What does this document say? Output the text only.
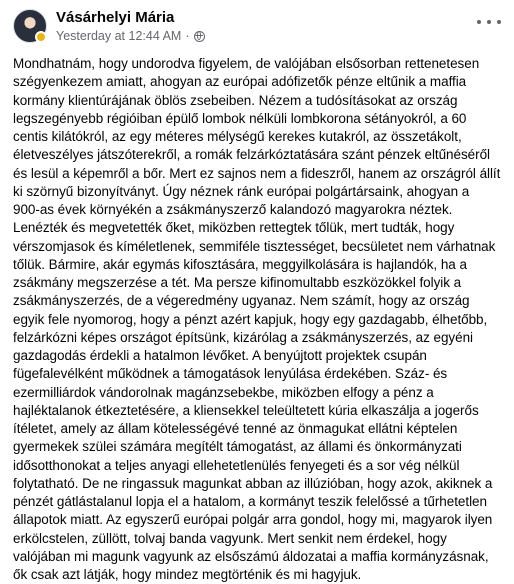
Vásárhelyi Mária
Yesterday at 12:44 AM ·
Mondhatnám, hogy undorodva figyelem, de valójában elsősorban rettenetesen
szégyenkezem amiatt, ahogyan az európai adófizetők pénze eltűnik a maffia
kormány klientúrájának öblös zsebeiben. Nézem a tudósításokat az ország
legszegényebb régióiban épülő lombok nélküli lombkorona sétányokról, a 60
centis kilátókról, az egy méteres mélységű kerekes kutakról, az összetákolt,
életveszélyes játszóterekről, a romák felzárkóztatására szánt pénzek eltűnéséről
és lesül a képemről a bőr. Mert ez sajnos nem a fideszről, hanem az országról állít
ki szörnyű bizonyítványt. Úgy néznek ránk európai polgártársaink, ahogyan a
900-as évek környékén a zsákmányszerző kalandozó magyarokra néztek.
Lenézték és megvetették őket, miközben rettegtek tőlük, mert tudták, hogy
vérszomjasok és kíméletlenek, semmiféle tisztességet, becsületet nem várhatnak
tőlük. Bármire, akár egymás kifosztására, meggyilkolására is hajlandók, ha a
zsákmány megszerzése a tét. Ma persze kifinomultabb eszközökkel folyik a
zsákmányszerzés, de a végeredmény ugyanaz. Nem számít, hogy az ország
egyik fele nyomorog, hogy a pénzt azért kapjuk, hogy egy gazdagabb, élhetőbb,
felzárkózni képes országot építsünk, kizárólag a zsákmányszerzés, az egyéni
gazdagodás érdekli a hatalmon lévőket. A benyújtott projektek csupán
fügefalevélként működnek a támogatások lenyúlása érdekében. Száz- és
ezermilliárdok vándorolnak magánzsebekbe, miközben elfogy a pénz a
hajléktalanok étkeztetésére, a kliensekkel teleültetett kúria elkaszálja a jogerős
ítéletet, amely az állam kötelességévé tenné az önmagukat ellátni képtelen
gyermekek szülei számára megítélt támogatást, az állami és önkormányzati
idősotthonokat a teljes anyagi ellehetetlenülés fenyegeti és a sor vég nélkül
folytatható. De ne ringassuk magunkat abban az illúzióban, hogy azok, akiknek a
pénzét gátlástalanul lopja el a hatalom, a kormányt teszik felelőssé a tűrhetetlen
állapotok miatt. Az egyszerű európai polgár arra gondol, hogy mi, magyarok ilyen
erkölcstelen, züllött, tolvaj banda vagyunk. Mert senkit nem érdekel, hogy
valójában mi magunk vagyunk az elsőszámú áldozatai a maffia kormányzásnak,
ők csak azt látják, hogy mindez megtörténik és mi hagyjuk.
